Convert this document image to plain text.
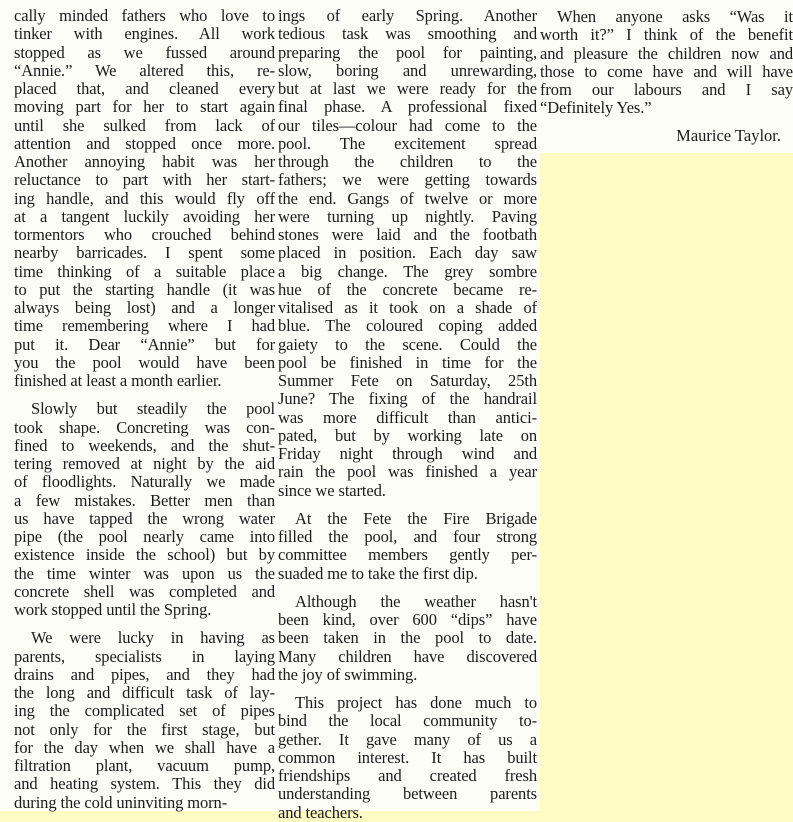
cally minded fathers who love to
tinker with engines. All work
stopped as we fussed around
“Annie.” We altered this, re-
placed that, and cleaned every
moving part for her to start again
until she sulked from lack of
attention and stopped once more.
Another annoying habit was her
reluctance to part with her start-
ing handle, and this would fly off
at a tangent luckily avoiding her
tormentors who crouched behind
nearby barricades. I spent some
time thinking of a suitable place
to put the starting handle (it was
always being lost) and a longer
time remembering where I had
put it. Dear “Annie” but for
you the pool would have been
finished at least a month earlier.
Slowly but steadily the pool
took shape. Concreting was con-
fined to weekends, and the shut-
tering removed at night by the aid
of floodlights. Naturally we made
a few mistakes. Better men than
us have tapped the wrong water
pipe (the pool nearly came into
existence inside the school) but by
the time winter was upon us the
concrete shell was completed and
work stopped until the Spring.
We were lucky in having as
parents, specialists in laying
drains and pipes, and they had
the long and difficult task of lay-
ing the complicated set of pipes
not only for the first stage, but
for the day when we shall have a
filtration plant, vacuum pump,
and heating system. This they did
during the cold uninviting morn-
ings of early Spring. Another
tedious task was smoothing and
preparing the pool for painting,
slow, boring and unrewarding,
but at last we were ready for the
final phase. A professional fixed
our tiles—colour had come to the
pool. The excitement spread
through the children to the
fathers; we were getting towards
the end. Gangs of twelve or more
were turning up nightly. Paving
stones were laid and the footbath
placed in position. Each day saw
a big change. The grey sombre
hue of the concrete became re-
vitalised as it took on a shade of
blue. The coloured coping added
gaiety to the scene. Could the
pool be finished in time for the
Summer Fete on Saturday, 25th
June? The fixing of the handrail
was more difficult than antici-
pated, but by working late on
Friday night through wind and
rain the pool was finished a year
since we started.
At the Fete the Fire Brigade
filled the pool, and four strong
committee members gently per-
suaded me to take the first dip.
Although the weather hasn't
been kind, over 600 “dips” have
been taken in the pool to date.
Many children have discovered
the joy of swimming.
This project has done much to
bind the local community to-
gether. It gave many of us a
common interest. It has built
friendships and created fresh
understanding between parents
and teachers.
When anyone asks “Was it
worth it?” I think of the benefit
and pleasure the children now and
those to come have and will have
from our labours and I say
“Definitely Yes.”
Maurice Taylor.
